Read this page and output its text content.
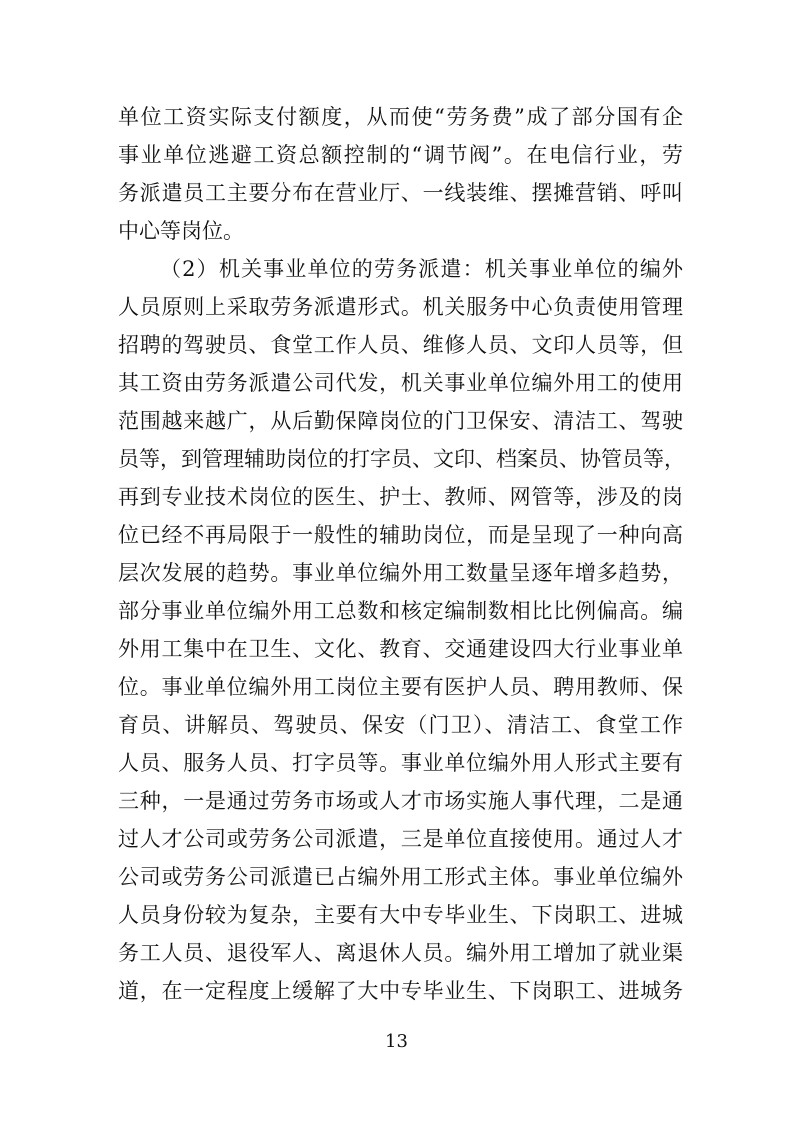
单位工资实际支付额度，从而使“劳务费”成了部分国有企
事业单位逃避工资总额控制的“调节阀”。在电信行业，劳
务派遣员工主要分布在营业厅、一线装维、摆摊营销、呼叫
中心等岗位。
（2）机关事业单位的劳务派遣：机关事业单位的编外
人员原则上采取劳务派遣形式。机关服务中心负责使用管理
招聘的驾驶员、食堂工作人员、维修人员、文印人员等，但
其工资由劳务派遣公司代发，机关事业单位编外用工的使用
范围越来越广，从后勤保障岗位的门卫保安、清洁工、驾驶
员等，到管理辅助岗位的打字员、文印、档案员、协管员等，
再到专业技术岗位的医生、护士、教师、网管等，涉及的岗
位已经不再局限于一般性的辅助岗位，而是呈现了一种向高
层次发展的趋势。事业单位编外用工数量呈逐年增多趋势，
部分事业单位编外用工总数和核定编制数相比比例偏高。编
外用工集中在卫生、文化、教育、交通建设四大行业事业单
位。事业单位编外用工岗位主要有医护人员、聘用教师、保
育员、讲解员、驾驶员、保安（门卫）、清洁工、食堂工作
人员、服务人员、打字员等。事业单位编外用人形式主要有
三种，一是通过劳务市场或人才市场实施人事代理，二是通
过人才公司或劳务公司派遣，三是单位直接使用。通过人才
公司或劳务公司派遣已占编外用工形式主体。事业单位编外
人员身份较为复杂，主要有大中专毕业生、下岗职工、进城
务工人员、退役军人、离退休人员。编外用工增加了就业渠
道，在一定程度上缓解了大中专毕业生、下岗职工、进城务
13
